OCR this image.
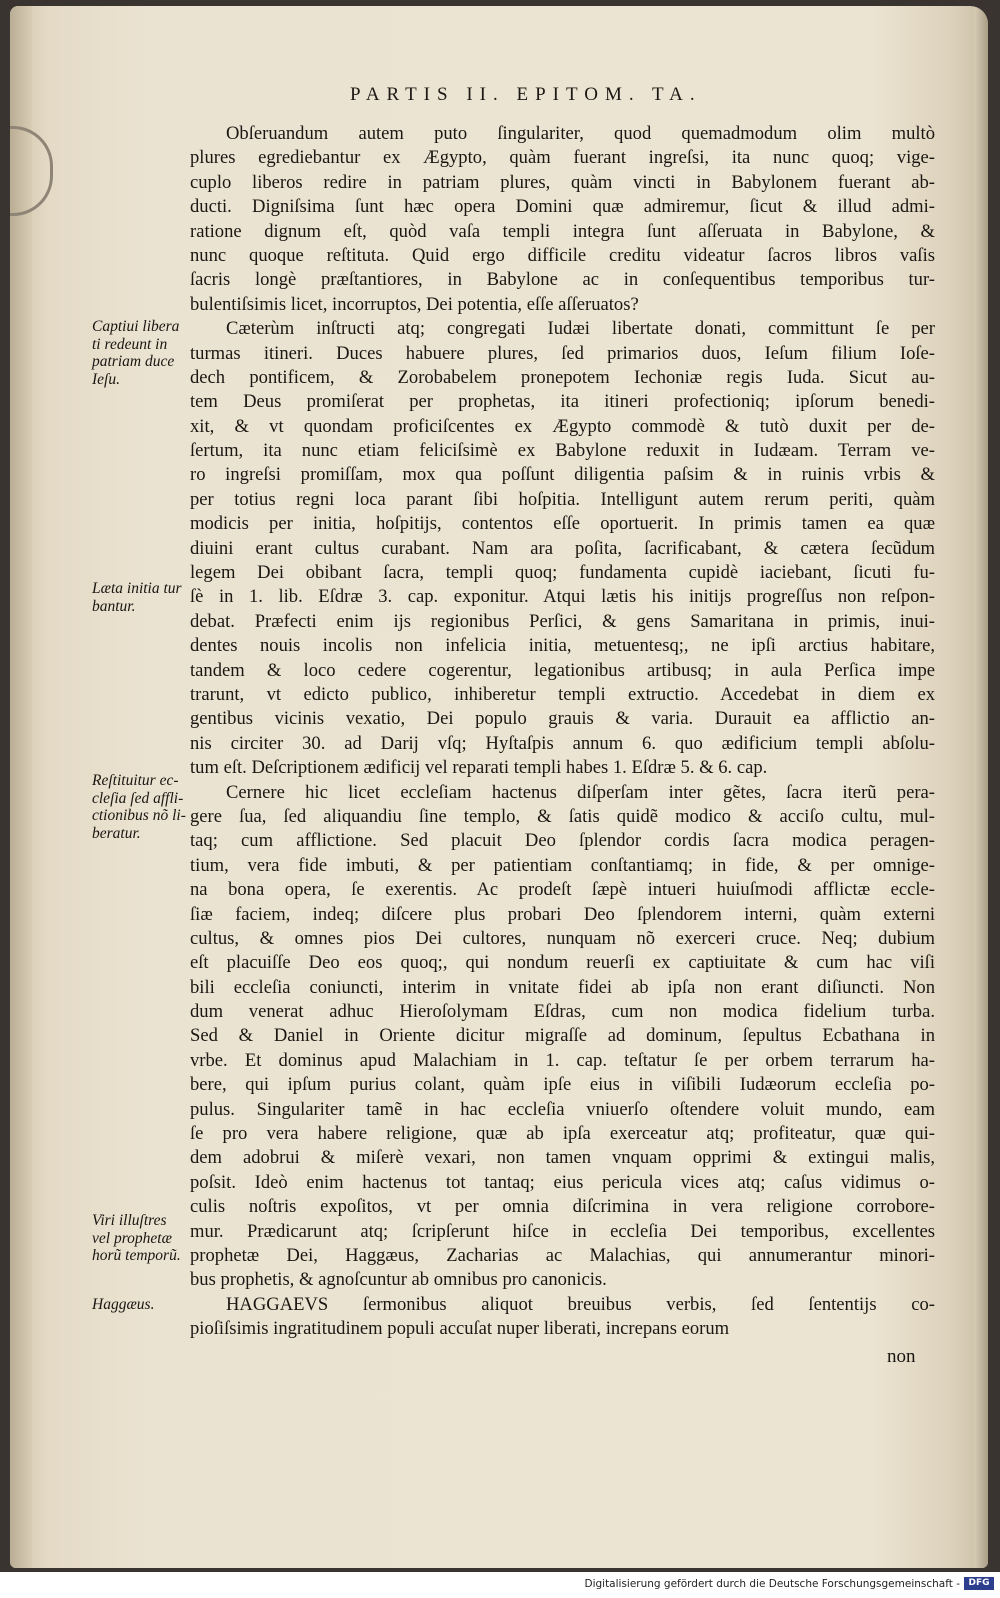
PARTIS II. EPITOM. TA.
Obſeruandum autem puto ſingulariter, quod quemadmodum olim multò
plures egrediebantur ex Ægypto, quàm fuerant ingreſsi, ita nunc quoq; vige-
cuplo liberos redire in patriam plures, quàm vincti in Babylonem fuerant ab-
ducti. Digniſsima ſunt hæc opera Domini quæ admiremur, ſicut & illud admi-
ratione dignum eſt, quòd vaſa templi integra ſunt aſſeruata in Babylone, &
nunc quoque reſtituta. Quid ergo difficile creditu videatur ſacros libros vaſis
ſacris longè præſtantiores, in Babylone ac in conſequentibus temporibus tur-
bulentiſsimis licet, incorruptos, Dei potentia, eſſe aſſeruatos?
Cæterùm inſtructi atq; congregati Iudæi libertate donati, committunt ſe per
turmas itineri. Duces habuere plures, ſed primarios duos, Ieſum filium Ioſe-
dech pontificem, & Zorobabelem pronepotem Iechoniæ regis Iuda. Sicut au-
tem Deus promiſerat per prophetas, ita itineri profectioniq; ipſorum benedi-
xit, & vt quondam proficiſcentes ex Ægypto commodè & tutò duxit per de-
ſertum, ita nunc etiam feliciſsimè ex Babylone reduxit in Iudæam. Terram ve-
ro ingreſsi promiſſam, mox qua poſſunt diligentia paſsim & in ruinis vrbis &
per totius regni loca parant ſibi hoſpitia. Intelligunt autem rerum periti, quàm
modicis per initia, hoſpitijs, contentos eſſe oportuerit. In primis tamen ea quæ
diuini erant cultus curabant. Nam ara poſita, ſacrificabant, & cætera ſecũdum
legem Dei obibant ſacra, templi quoq; fundamenta cupidè iaciebant, ſicuti fu-
ſè in 1. lib. Eſdræ 3. cap. exponitur. Atqui lætis his initijs progreſſus non reſpon-
debat. Præfecti enim ijs regionibus Perſici, & gens Samaritana in primis, inui-
dentes nouis incolis non infelicia initia, metuentesq;, ne ipſi arctius habitare,
tandem & loco cedere cogerentur, legationibus artibusq; in aula Perſica impe
trarunt, vt edicto publico, inhiberetur templi extructio. Accedebat in diem ex
gentibus vicinis vexatio, Dei populo grauis & varia. Durauit ea afflictio an-
nis circiter 30. ad Darij vſq; Hyſtaſpis annum 6. quo ædificium templi abſolu-
tum eſt. Deſcriptionem ædificij vel reparati templi habes 1. Eſdræ 5. & 6. cap.
Cernere hic licet eccleſiam hactenus diſperſam inter gẽtes, ſacra iterũ pera-
gere ſua, ſed aliquandiu ſine templo, & ſatis quidẽ modico & acciſo cultu, mul-
taq; cum afflictione. Sed placuit Deo ſplendor cordis ſacra modica peragen-
tium, vera fide imbuti, & per patientiam conſtantiamq; in fide, & per omnige-
na bona opera, ſe exerentis. Ac prodeſt ſæpè intueri huiuſmodi afflictæ eccle-
ſiæ faciem, indeq; diſcere plus probari Deo ſplendorem interni, quàm externi
cultus, & omnes pios Dei cultores, nunquam nõ exerceri cruce. Neq; dubium
eſt placuiſſe Deo eos quoq;, qui nondum reuerſi ex captiuitate & cum hac viſi
bili eccleſia coniuncti, interim in vnitate fidei ab ipſa non erant diſiuncti. Non
dum venerat adhuc Hieroſolymam Eſdras, cum non modica fidelium turba.
Sed & Daniel in Oriente dicitur migraſſe ad dominum, ſepultus Ecbathana in
vrbe. Et dominus apud Malachiam in 1. cap. teſtatur ſe per orbem terrarum ha-
bere, qui ipſum purius colant, quàm ipſe eius in viſibili Iudæorum eccleſia po-
pulus. Singulariter tamẽ in hac eccleſia vniuerſo oſtendere voluit mundo, eam
ſe pro vera habere religione, quæ ab ipſa exerceatur atq; profiteatur, quæ qui-
dem adobrui & miſerè vexari, non tamen vnquam opprimi & extingui malis,
poſsit. Ideò enim hactenus tot tantaq; eius pericula vices atq; caſus vidimus o-
culis noſtris expoſitos, vt per omnia diſcrimina in vera religione corrobore-
mur. Prædicarunt atq; ſcripſerunt hiſce in eccleſia Dei temporibus, excellentes
prophetæ Dei, Haggæus, Zacharias ac Malachias, qui annumerantur minori-
bus prophetis, & agnoſcuntur ab omnibus pro canonicis.
HAGGAEVS ſermonibus aliquot breuibus verbis, ſed ſententijs co-
pioſiſsimis ingratitudinem populi accuſat nuper liberati, increpans eorum
non
Captiui libera
ti redeunt in
patriam duce
Ieſu.
Læta initia tur
bantur.
Reſtituitur ec-
cleſia ſed affli-
ctionibus nõ li-
beratur.
Viri illuſtres
vel prophetæ
horũ temporũ.
Haggæus.
Digitalisierung gefördert durch die Deutsche Forschungsgemeinschaft - DFG
